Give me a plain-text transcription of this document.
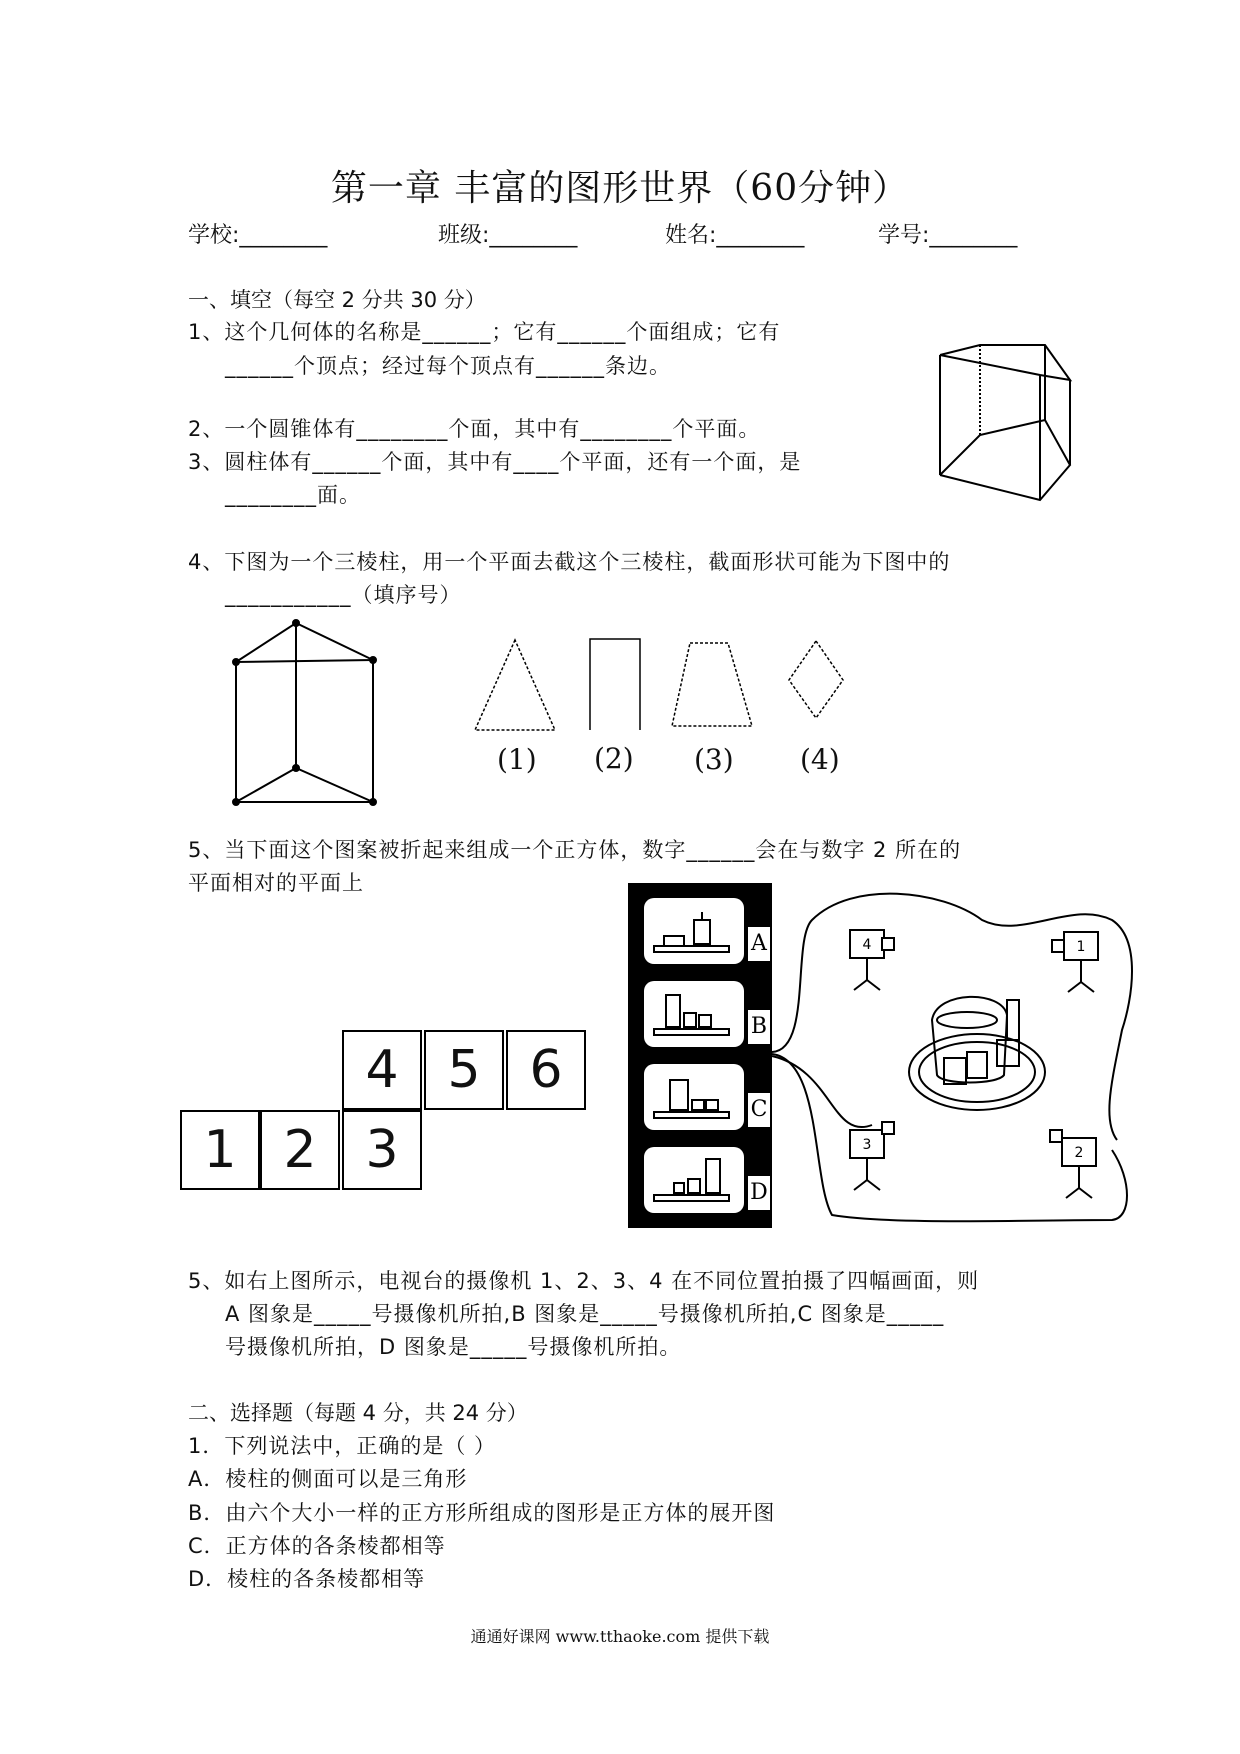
第一章 丰富的图形世界（60分钟）
学校:________	班级:________	姓名:________	学号:________
一、填空（每空 2 分共 30 分）
1、这个几何体的名称是______；它有______个面组成；它有
______个顶点；经过每个顶点有______条边。
2、一个圆锥体有________个面，其中有________个平面。
3、圆柱体有______个面，其中有____个平面，还有一个面，是
________面。
4、下图为一个三棱柱，用一个平面去截这个三棱柱，截面形状可能为下图中的
___________（填序号）
(1) (2) (3) (4)
5、当下面这个图案被折起来组成一个正方体，数字______会在与数字 2 所在的
平面相对的平面上
4 5 6
1 2 3
A
B
C
D
4	1
3	2
5、如右上图所示，电视台的摄像机 1、2、3、4 在不同位置拍摄了四幅画面，则
A 图象是_____号摄像机所拍,B 图象是_____号摄像机所拍,C 图象是_____
号摄像机所拍，D 图象是_____号摄像机所拍。
二、选择题（每题 4 分，共 24 分）
1．下列说法中，正确的是（ ）
A．棱柱的侧面可以是三角形
B．由六个大小一样的正方形所组成的图形是正方体的展开图
C．正方体的各条棱都相等
D．棱柱的各条棱都相等
通通好课网 www.tthaoke.com 提供下载
